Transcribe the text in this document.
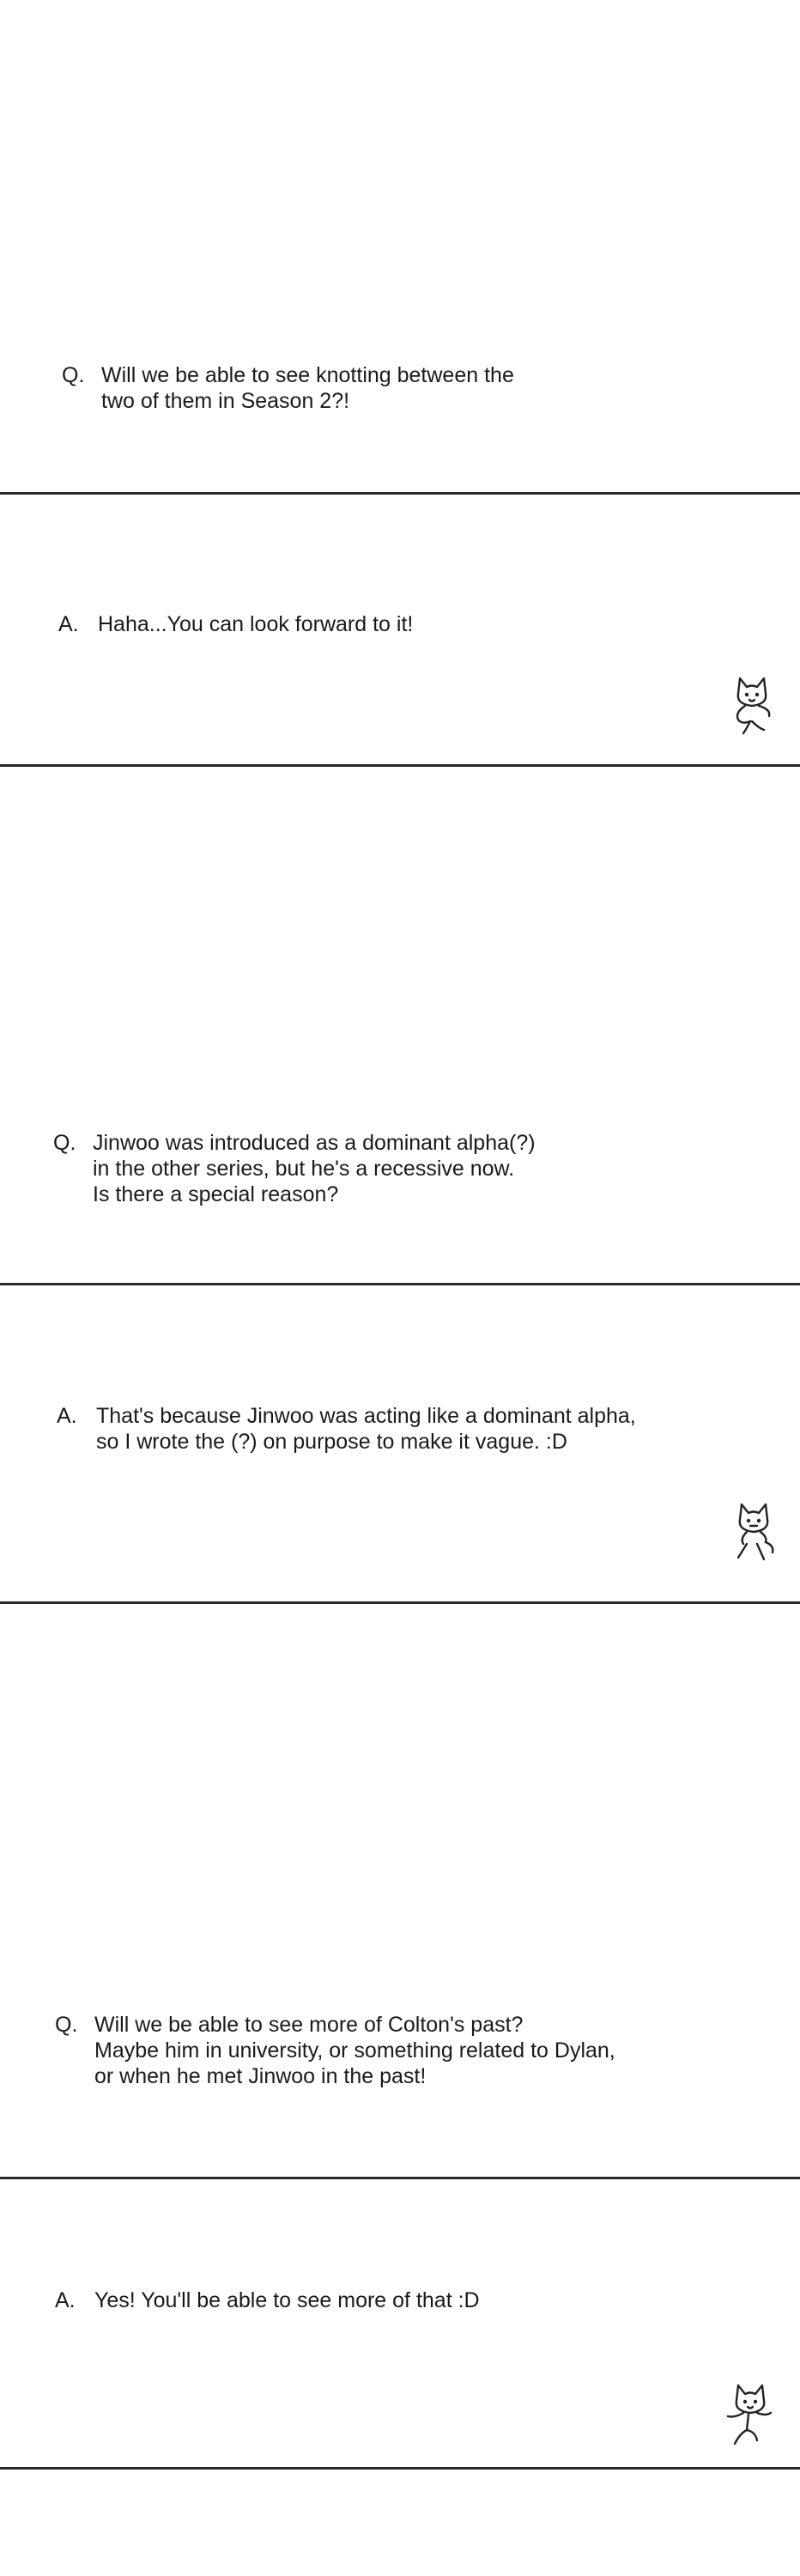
Q. Will we be able to see knotting between the
two of them in Season 2?!
A. Haha...You can look forward to it!
Q. Jinwoo was introduced as a dominant alpha(?)
in the other series, but he's a recessive now.
Is there a special reason?
A. That's because Jinwoo was acting like a dominant alpha,
so I wrote the (?) on purpose to make it vague. :D
Q. Will we be able to see more of Colton's past?
Maybe him in university, or something related to Dylan,
or when he met Jinwoo in the past!
A. Yes! You'll be able to see more of that :D
